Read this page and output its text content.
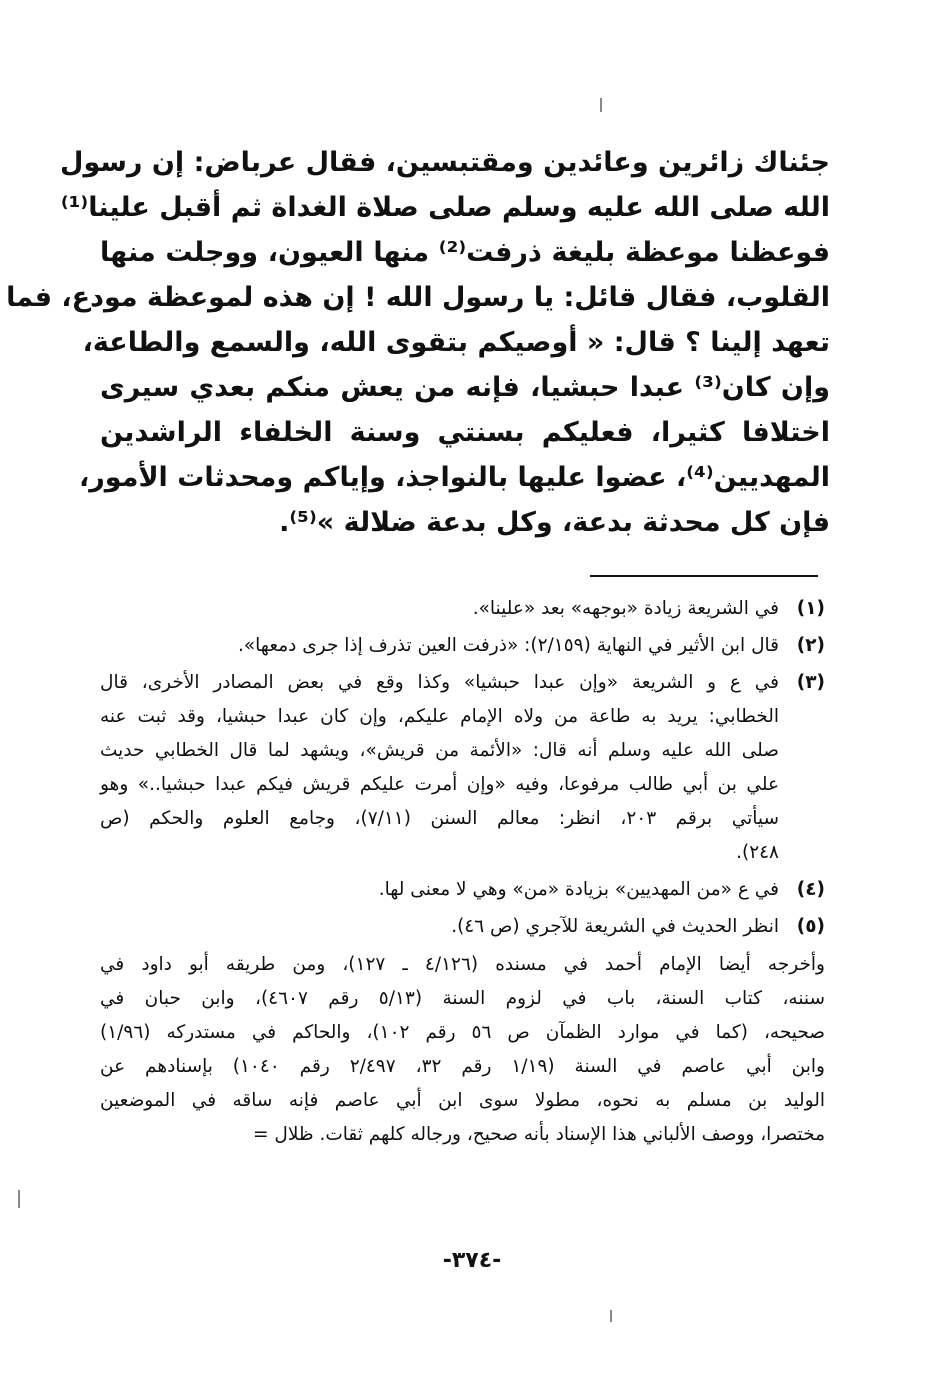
جئناك زائرين وعائدين ومقتبسين، فقال عرباض: إن رسول
الله صلى الله عليه وسلم صلى صلاة الغداة ثم أقبل علينا⁽¹⁾
فوعظنا موعظة بليغة ذرفت⁽²⁾ منها العيون، ووجلت منها
القلوب، فقال قائل: يا رسول الله ! إن هذه لموعظة مودع، فما
تعهد إلينا ؟ قال: « أوصيكم بتقوى الله، والسمع والطاعة،
وإن كان⁽³⁾ عبدا حبشيا، فإنه من يعش منكم بعدي سيرى
اختلافا كثيرا، فعليكم بسنتي وسنة الخلفاء الراشدين
المهديين⁽⁴⁾، عضوا عليها بالنواجذ، وإياكم ومحدثات الأمور،
فإن كل محدثة بدعة، وكل بدعة ضلالة »⁽⁵⁾.
(١)
في الشريعة زيادة «بوجهه» بعد «علينا».
(٢)
قال ابن الأثير في النهاية (٢/١٥٩): «ذرفت العين تذرف إذا جرى دمعها».
(٣)
في ع و الشريعة «وإن عبدا حبشيا» وكذا وقع في بعض المصادر الأخرى، قال
الخطابي: يريد به طاعة من ولاه الإمام عليكم، وإن كان عبدا حبشيا، وقد ثبت عنه
صلى الله عليه وسلم أنه قال: «الأئمة من قريش»، ويشهد لما قال الخطابي حديث
علي بن أبي طالب مرفوعا، وفيه «وإن أمرت عليكم قريش فيكم عبدا حبشيا..» وهو
سيأتي برقم ٢٠٣، انظر: معالم السنن (٧/١١)، وجامع العلوم والحكم (ص
٢٤٨).
(٤)
في ع «من المهديين» بزيادة «من» وهي لا معنى لها.
(٥)
انظر الحديث في الشريعة للآجري (ص ٤٦).
وأخرجه أيضا الإمام أحمد في مسنده (٤/١٢٦ ـ ١٢٧)، ومن طريقه أبو داود في
سننه، كتاب السنة، باب في لزوم السنة (٥/١٣ رقم ٤٦٠٧)، وابن حبان في
صحيحه، (كما في موارد الظمآن ص ٥٦ رقم ١٠٢)، والحاكم في مستدركه (١/٩٦)
وابن أبي عاصم في السنة (١/١٩ رقم ٣٢، ٢/٤٩٧ رقم ١٠٤٠) بإسنادهم عن
الوليد بن مسلم به نحوه، مطولا سوى ابن أبي عاصم فإنه ساقه في الموضعين
مختصرا، ووصف الألباني هذا الإسناد بأنه صحيح، ورجاله كلهم ثقات. ظلال =
-٣٧٤-
